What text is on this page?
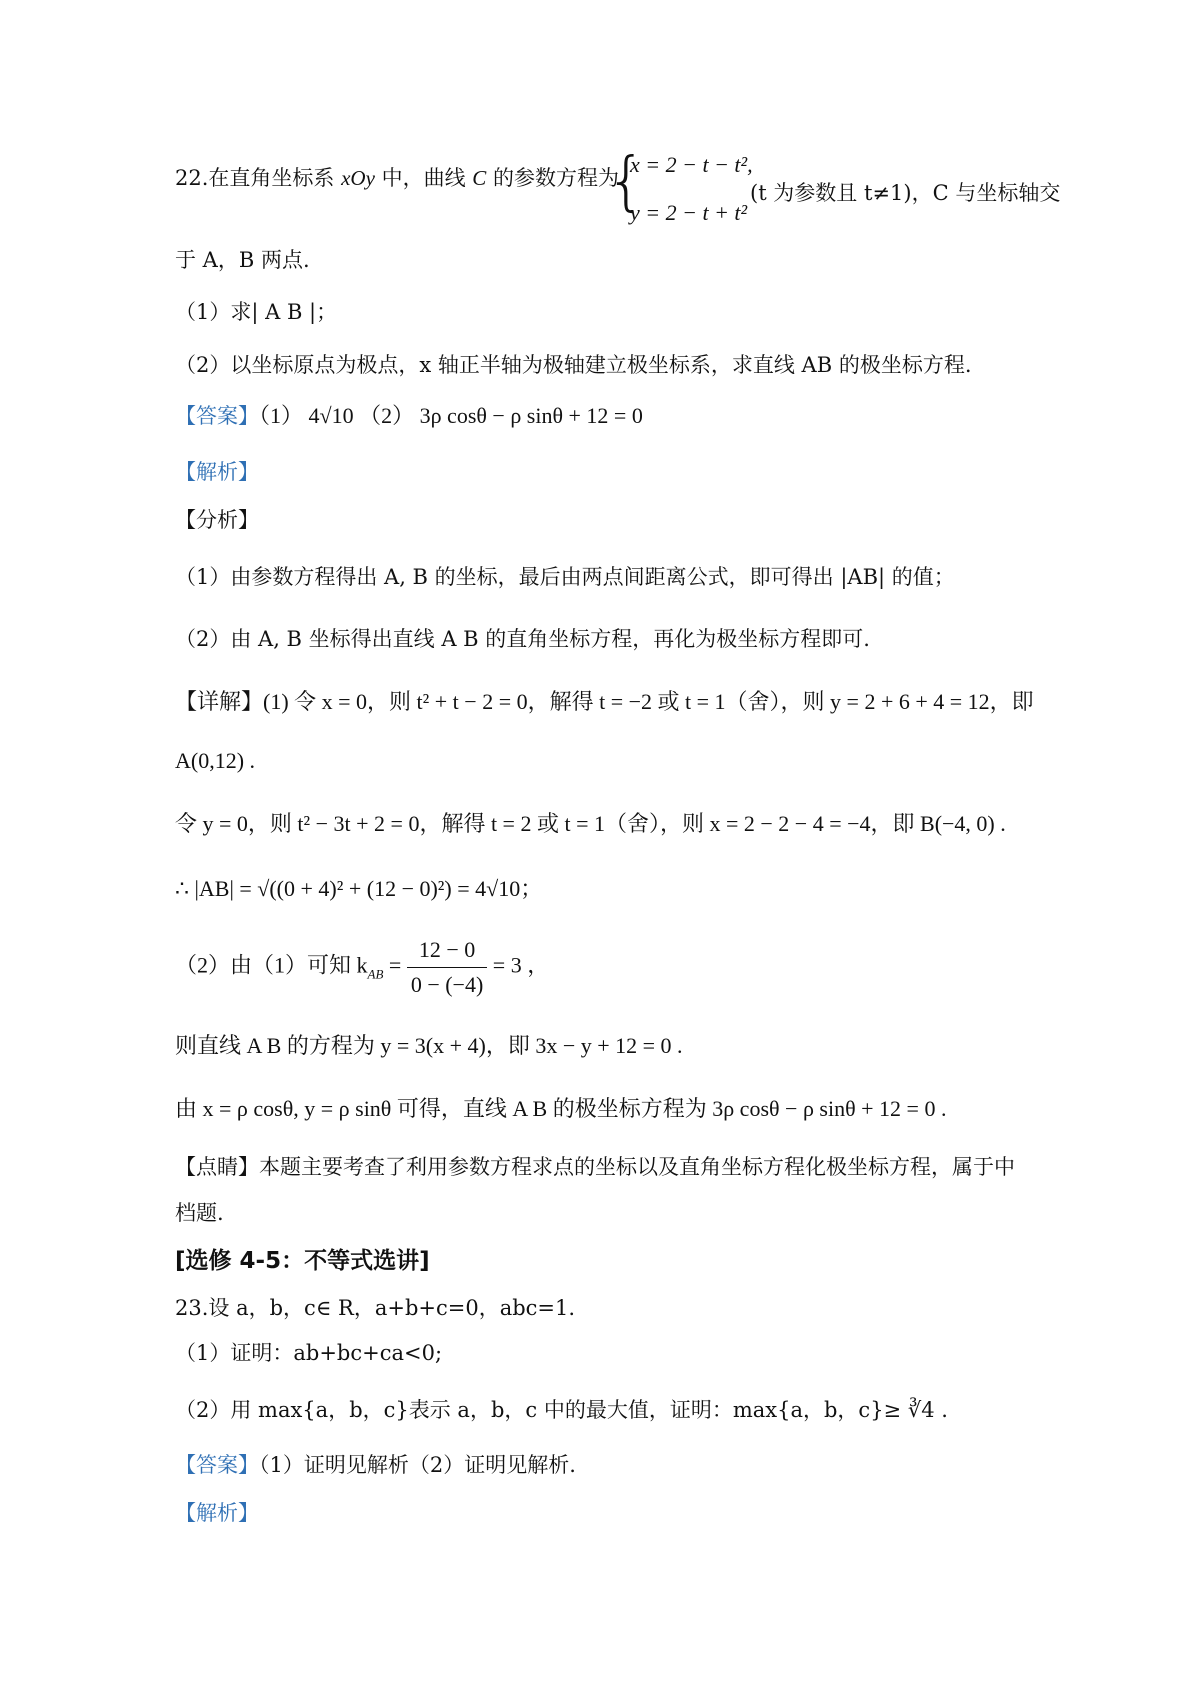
22.在直角坐标系 xOy 中，曲线 C 的参数方程为
{
x = 2 − t − t²,
y = 2 − t + t²
(t 为参数且 t≠1)，C 与坐标轴交
于 A，B 两点.
（1）求| A B |；
（2）以坐标原点为极点，x 轴正半轴为极轴建立极坐标系，求直线 AB 的极坐标方程.
【答案】（1） 4√10 （2） 3ρ cosθ − ρ sinθ + 12 = 0
【解析】
【分析】
（1）由参数方程得出 A, B 的坐标，最后由两点间距离公式，即可得出 |AB| 的值；
（2）由 A, B 坐标得出直线 A B 的直角坐标方程，再化为极坐标方程即可.
【详解】(1) 令 x = 0，则 t² + t − 2 = 0，解得 t = −2 或 t = 1（舍），则 y = 2 + 6 + 4 = 12，即
A(0,12) .
令 y = 0，则 t² − 3t + 2 = 0，解得 t = 2 或 t = 1（舍），则 x = 2 − 2 − 4 = −4，即 B(−4, 0) .
∴ |AB| = √((0 + 4)² + (12 − 0)²) = 4√10；
（2）由（1）可知 $k_{AB} = \frac{12 - 0}{0 - (-4)} = 3$ ，
则直线 A B 的方程为 y = 3(x + 4)，即 3x − y + 12 = 0 .
由 x = ρ cosθ, y = ρ sinθ 可得，直线 A B 的极坐标方程为 3ρ cosθ − ρ sinθ + 12 = 0 .
【点睛】本题主要考查了利用参数方程求点的坐标以及直角坐标方程化极坐标方程，属于中
档题.
[选修 4-5：不等式选讲]
23.设 a，b，c∈ R，a+b+c=0，abc=1.
（1）证明：ab+bc+ca<0;
（2）用 max{a，b，c}表示 a，b，c 中的最大值，证明：max{a，b，c}≥ ∛4 .
【答案】（1）证明见解析（2）证明见解析.
【解析】
